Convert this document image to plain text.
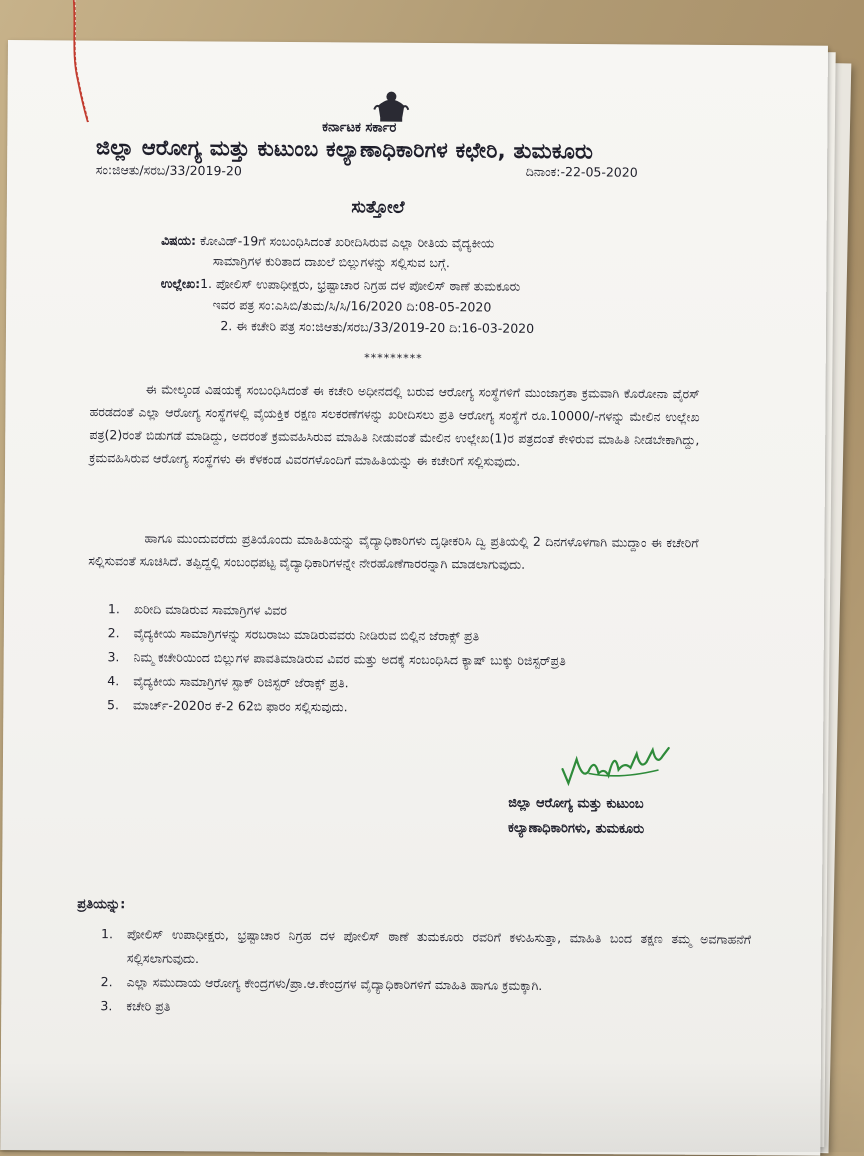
ಕರ್ನಾಟಕ ಸರ್ಕಾರ
ಜಿಲ್ಲಾ ಆರೋಗ್ಯ ಮತ್ತು ಕುಟುಂಬ ಕಲ್ಯಾಣಾಧಿಕಾರಿಗಳ ಕಛೇರಿ, ತುಮಕೂರು
ಸಂ:ಜಿಆತು/ಸರಬ/33/2019-20	ದಿನಾಂಕ:-22-05-2020
ಸುತ್ತೋಲೆ
ವಿಷಯ: ಕೋವಿಡ್-19ಗೆ ಸಂಬಂಧಿಸಿದಂತೆ ಖರೀದಿಸಿರುವ ಎಲ್ಲಾ ರೀತಿಯ ವೈದ್ಯಕೀಯ
ಸಾಮಾಗ್ರಿಗಳ ಕುರಿತಾದ ದಾಖಲೆ ಬಿಲ್ಲುಗಳನ್ನು ಸಲ್ಲಿಸುವ ಬಗ್ಗೆ.
ಉಲ್ಲೇಖ:1. ಪೋಲಿಸ್ ಉಪಾಧೀಕ್ಷರು, ಭ್ರಷ್ಟಾಚಾರ ನಿಗ್ರಹ ದಳ ಪೋಲಿಸ್ ಠಾಣೆ ತುಮಕೂರು
ಇವರ ಪತ್ರ ಸಂ:ಎಸಿಬಿ/ತುಮ/ಸಿ/ಸಿ/16/2020 ದಿ:08-05-2020
2. ಈ ಕಚೇರಿ ಪತ್ರ ಸಂ:ಜಿಆತು/ಸರಬ/33/2019-20 ದಿ:16-03-2020
*********
ಈ ಮೇಲ್ಕಂಡ ವಿಷಯಕ್ಕೆ ಸಂಬಂಧಿಸಿದಂತೆ ಈ ಕಚೇರಿ ಅಧೀನದಲ್ಲಿ ಬರುವ ಆರೋಗ್ಯ ಸಂಸ್ಥೆಗಳಿಗೆ ಮುಂಜಾಗ್ರತಾ ಕ್ರಮವಾಗಿ ಕೊರೋನಾ ವೈರಸ್ ಹರಡದಂತೆ ಎಲ್ಲಾ ಆರೋಗ್ಯ ಸಂಸ್ಥೆಗಳಲ್ಲಿ ವೈಯಕ್ತಿಕ ರಕ್ಷಣ ಸಲಕರಣೆಗಳನ್ನು ಖರೀದಿಸಲು ಪ್ರತಿ ಆರೋಗ್ಯ ಸಂಸ್ಥೆಗೆ ರೂ.10000/-ಗಳನ್ನು ಮೇಲಿನ ಉಲ್ಲೇಖ ಪತ್ರ(2)ರಂತೆ ಬಿಡುಗಡೆ ಮಾಡಿದ್ದು, ಅದರಂತೆ ಕ್ರಮವಹಿಸಿರುವ ಮಾಹಿತಿ ನೀಡುವಂತೆ ಮೇಲಿನ ಉಲ್ಲೇಖ(1)ರ ಪತ್ರದಂತೆ ಕೇಳಿರುವ ಮಾಹಿತಿ ನೀಡಬೇಕಾಗಿದ್ದು, ಕ್ರಮವಹಿಸಿರುವ ಆರೋಗ್ಯ ಸಂಸ್ಥೆಗಳು ಈ ಕೆಳಕಂಡ ವಿವರಗಳೊಂದಿಗೆ ಮಾಹಿತಿಯನ್ನು ಈ ಕಚೇರಿಗೆ ಸಲ್ಲಿಸುವುದು.
ಹಾಗೂ ಮುಂದುವರೆದು ಪ್ರತಿಯೊಂದು ಮಾಹಿತಿಯನ್ನು ವೈದ್ಯಾಧಿಕಾರಿಗಳು ದೃಢೀಕರಿಸಿ ದ್ವಿ ಪ್ರತಿಯಲ್ಲಿ 2 ದಿನಗಳೊಳಗಾಗಿ ಮುದ್ದಾಂ ಈ ಕಚೇರಿಗೆ ಸಲ್ಲಿಸುವಂತೆ ಸೂಚಿಸಿದೆ. ತಪ್ಪಿದ್ದಲ್ಲಿ ಸಂಬಂಧಪಟ್ಟ ವೈದ್ಯಾಧಿಕಾರಿಗಳನ್ನೇ ನೇರಹೊಣೆಗಾರರನ್ನಾಗಿ ಮಾಡಲಾಗುವುದು.
1.	ಖರೀದಿ ಮಾಡಿರುವ ಸಾಮಾಗ್ರಿಗಳ ವಿವರ
2.	ವೈದ್ಯಕೀಯ ಸಾಮಾಗ್ರಿಗಳನ್ನು ಸರಬರಾಜು ಮಾಡಿರುವವರು ನೀಡಿರುವ ಬಿಲ್ಲಿನ ಜೆರಾಕ್ಸ್ ಪ್ರತಿ
3.	ನಿಮ್ಮ ಕಚೇರಿಯಿಂದ ಬಿಲ್ಲುಗಳ ಪಾವತಿಮಾಡಿರುವ ವಿವರ ಮತ್ತು ಅದಕ್ಕೆ ಸಂಬಂಧಿಸಿದ ಕ್ಯಾಷ್ ಬುಕ್ಕು ರಿಜಿಸ್ಟರ್‌ಪ್ರತಿ
4.	ವೈದ್ಯಕೀಯ ಸಾಮಾಗ್ರಿಗಳ ಸ್ಟಾಕ್ ರಿಜಿಸ್ಟರ್ ಜೆರಾಕ್ಸ್ ಪ್ರತಿ.
5.	ಮಾರ್ಚ್-2020ರ ಕೆ-2 62ಬಿ ಫಾರಂ ಸಲ್ಲಿಸುವುದು.
ಜಿಲ್ಲಾ ಆರೋಗ್ಯ ಮತ್ತು ಕುಟುಂಬ
ಕಲ್ಯಾಣಾಧಿಕಾರಿಗಳು, ತುಮಕೂರು
ಪ್ರತಿಯನ್ನು:
1.	ಪೋಲಿಸ್ ಉಪಾಧೀಕ್ಷರು, ಭ್ರಷ್ಟಾಚಾರ ನಿಗ್ರಹ ದಳ ಪೋಲಿಸ್ ಠಾಣೆ ತುಮಕೂರು ರವರಿಗೆ ಕಳುಹಿಸುತ್ತಾ, ಮಾಹಿತಿ ಬಂದ ತಕ್ಷಣ ತಮ್ಮ ಅವಗಾಹನೆಗೆ ಸಲ್ಲಿಸಲಾಗುವುದು.
2.	ಎಲ್ಲಾ ಸಮುದಾಯ ಆರೋಗ್ಯ ಕೇಂದ್ರಗಳು/ಪ್ರಾ.ಆ.ಕೇಂದ್ರಗಳ ವೈದ್ಯಾಧಿಕಾರಿಗಳಿಗೆ ಮಾಹಿತಿ ಹಾಗೂ ಕ್ರಮಕ್ಕಾಗಿ.
3.	ಕಚೇರಿ ಪ್ರತಿ
